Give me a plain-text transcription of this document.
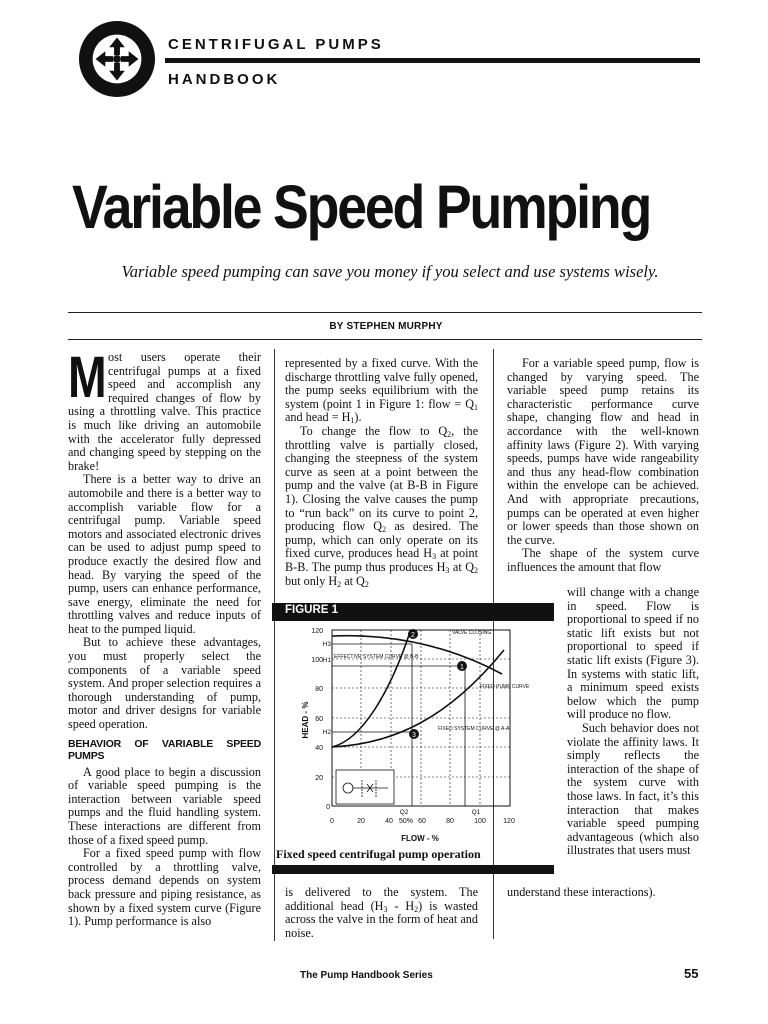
CENTRIFUGAL PUMPS
HANDBOOK
Variable Speed Pumping
Variable speed pumping can save you money if you select and use systems wisely.
BY STEPHEN MURPHY
M ost users operate their centrifugal pumps at a fixed speed and accomplish any required changes of flow by using a throttling valve. This practice is much like driving an automobile with the accelerator fully depressed and changing speed by stepping on the brake!

There is a better way to drive an automobile and there is a better way to accomplish variable flow for a centrifugal pump. Variable speed motors and associated electronic drives can be used to adjust pump speed to produce exactly the desired flow and head. By varying the speed of the pump, users can enhance performance, save energy, eliminate the need for throttling valves and reduce inputs of heat to the pumped liquid.

But to achieve these advantages, you must properly select the components of a variable speed system. And proper selection requires a thorough understanding of pump, motor and driver designs for variable speed operation.

BEHAVIOR OF VARIABLE SPEED PUMPS

A good place to begin a discussion of variable speed pumping is the interaction between variable speed pumps and the fluid handling system. These interactions are different from those of a fixed speed pump.

For a fixed speed pump with flow controlled by a throttling valve, process demand depends on system back pressure and piping resistance, as shown by a fixed system curve (Figure 1). Pump performance is also

represented by a fixed curve. With the discharge throttling valve fully opened, the pump seeks equilibrium with the system (point 1 in Figure 1: flow = $Q_1$ and head = $H_1$).

To change the flow to $Q_2$, the throttling valve is partially closed, changing the steepness of the system curve as seen at a point between the pump and the valve (at B-B in Figure 1). Closing the valve causes the pump to “run back” on its curve to point 2, producing flow $Q_2$ as desired. The pump, which can only operate on its fixed curve, produces head $H_3$ at point B-B. The pump thus produces $H_3$ at $Q_2$ but only $H_2$ at $Q_2$

is delivered to the system. The additional head $(H_3 - H_2)$ is wasted across the valve in the form of heat and noise.

For a variable speed pump, flow is changed by varying speed. The variable speed pump retains its characteristic performance curve shape, changing flow and head in accordance with the well-known affinity laws (Figure 2). With varying speeds, pumps have wide rangeability and thus any head-flow combination within the envelope can be achieved. And with appropriate precautions, pumps can be operated at even higher or lower speeds than those shown on the curve.

The shape of the system curve influences the amount that flow

will change with a change in speed. Flow is proportional to speed if no static lift exists but not proportional to speed if static lift exists (Figure 3). In systems with static lift, a minimum speed exists below which the pump will produce no flow.

Such behavior does not violate the affinity laws. It simply reflects the interaction of the shape of the system curve with those laws. In fact, it’s this interaction that makes variable speed pumping advantageous (which also illustrates that users must

understand these interactions).

FIGURE 1
2
1
3
120
100
80
60
40
20
0
H3
H1
H2
HEAD - %
Q2	Q1
0	20	40 50% 60	80	100 120
FLOW - %
VALVE CLOSING
EFFECTIVE SYSTEM CURVE @ B-B
FIXED PUMP CURVE
FIXED SYSTEM CURVE @ A-A
Fixed speed centrifugal pump operation
The Pump Handbook Series	55
